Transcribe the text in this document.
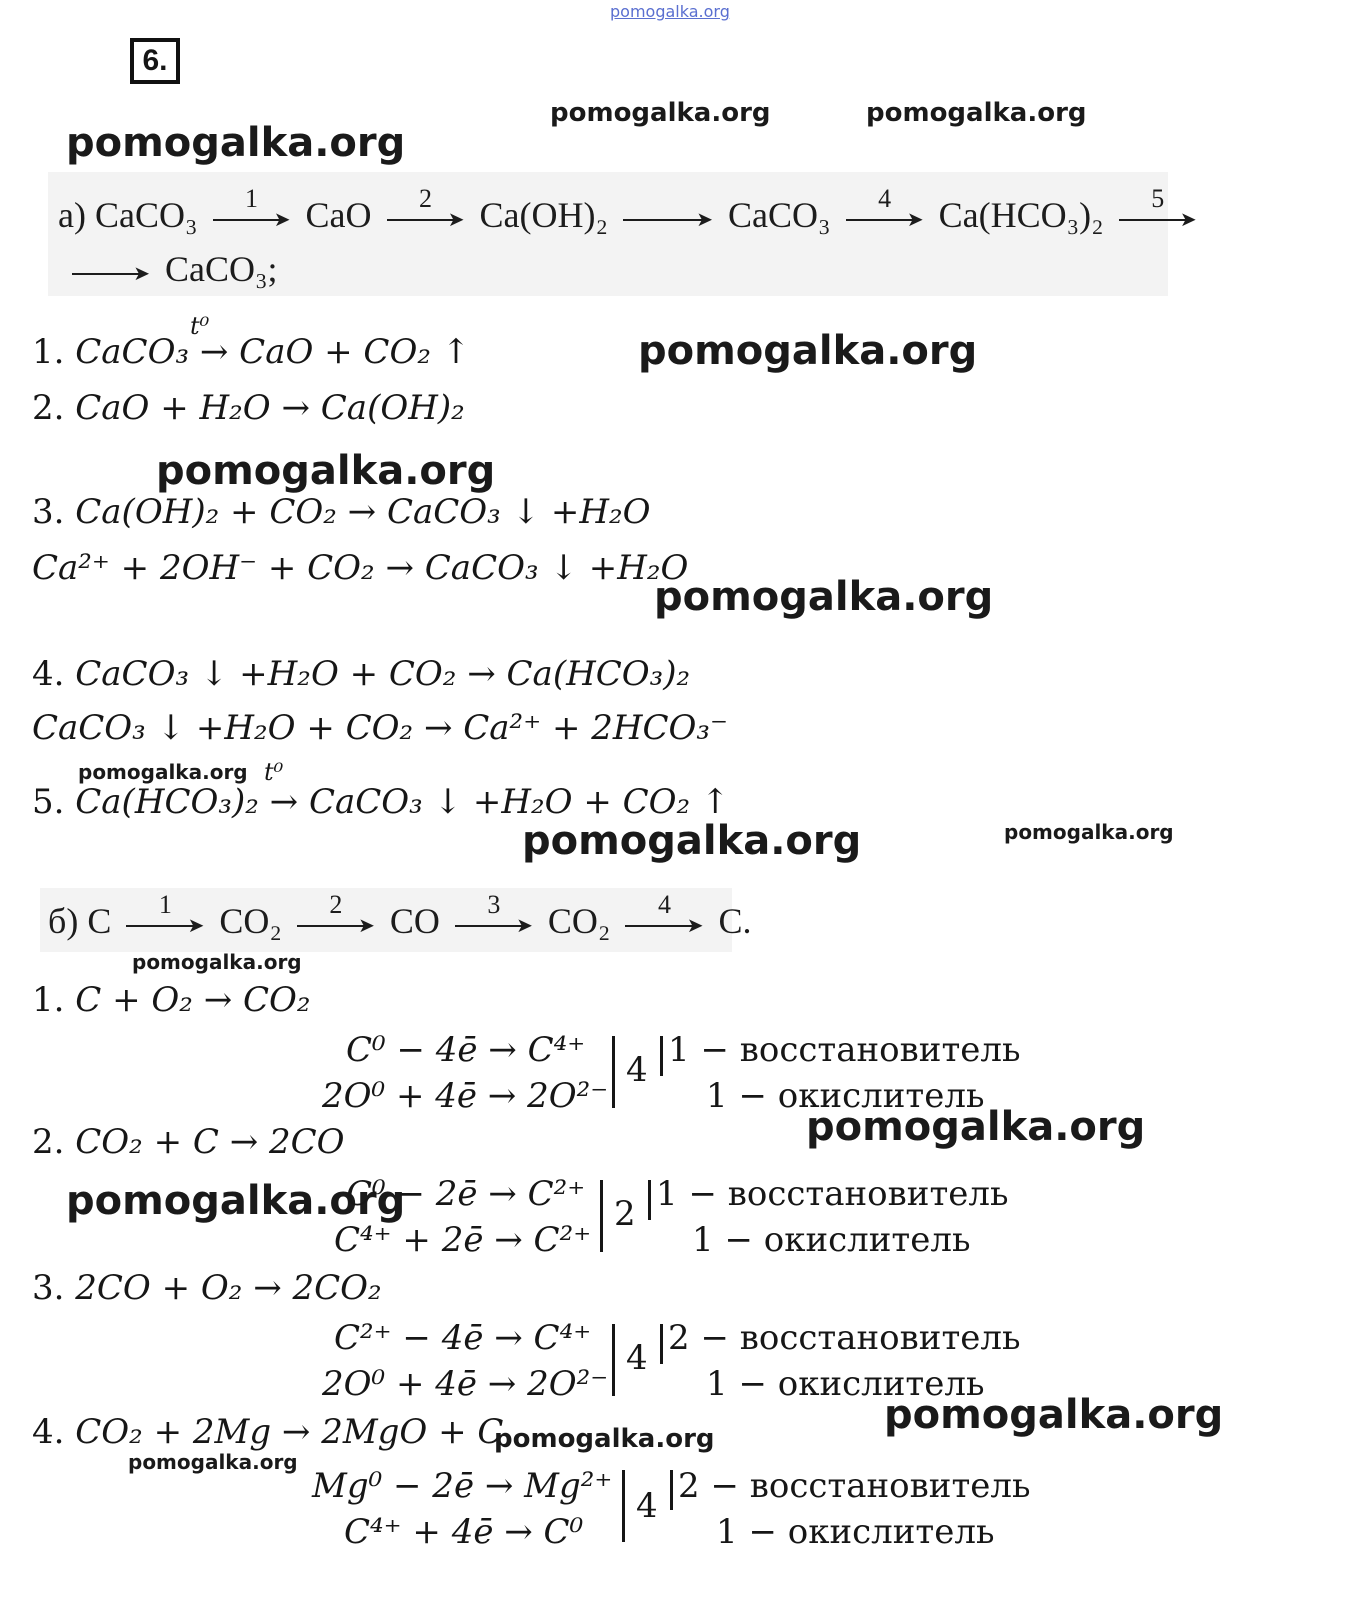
pomogalka.org
6.
pomogalka.org	pomogalka.org
pomogalka.org
а) CaCO₃	1
➤ CaO	2
➤ Ca(OH)₂	➤ CaCO₃	4
➤ Ca(HCO₃)₂	5
➤
➤ CaCO₃;
t⁰
1. CaCO₃ → CaO + CO₂ ↑	pomogalka.org
2. CaO + H₂O → Ca(OH)₂
pomogalka.org
3. Ca(OH)₂ + CO₂ → CaCO₃ ↓ +H₂O
Ca²⁺ + 2OH⁻ + CO₂ → CaCO₃ ↓ +H₂O
pomogalka.org
4. CaCO₃ ↓ +H₂O + CO₂ → Ca(HCO₃)₂
CaCO₃ ↓ +H₂O + CO₂ → Ca²⁺ + 2HCO₃⁻
pomogalka.org t⁰
5. Ca(HCO₃)₂ → CaCO₃ ↓ +H₂O + CO₂ ↑
pomogalka.org	pomogalka.org
б) C	1
➤ CO₂	2
➤ CO	3
➤ CO₂	4
➤ C.
pomogalka.org
1. C + O₂ → CO₂
C⁰ − 4ē → C⁴⁺
2O⁰ + 4ē → 2O²⁻
4 1 − восстановитель
1 − окислитель
pomogalka.org
2. CO₂ + C → 2CO
pomogalka.org
C⁰ − 2ē → C²⁺
C⁴⁺ + 2ē → C²⁺
2 1 − восстановитель
1 − окислитель
3. 2CO + O₂ → 2CO₂
C²⁺ − 4ē → C⁴⁺
2O⁰ + 4ē → 2O²⁻
4 2 − восстановитель
1 − окислитель
pomogalka.org
4. CO₂ + 2Mg → 2MgO + C
pomogalka.org
pomogalka.org
Mg⁰ − 2ē → Mg²⁺
C⁴⁺ + 4ē → C⁰
4 2 − восстановитель
1 − окислитель
